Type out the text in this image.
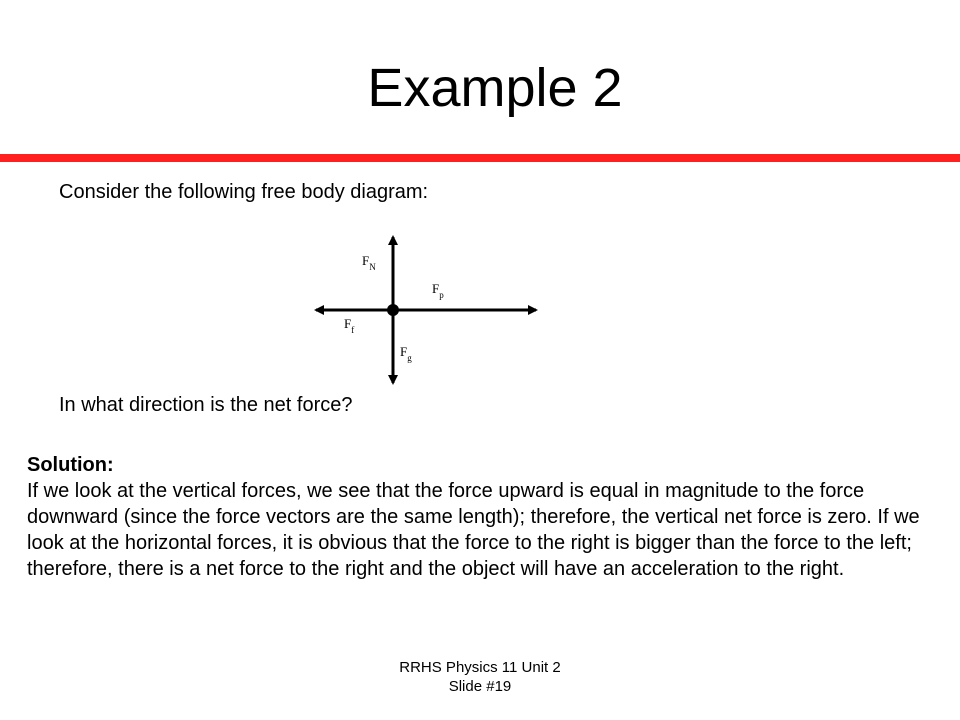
Example 2

Consider the following free body diagram:

$F_N$
$F_p$
$F_f$
$F_g$

In what direction is the net force?

Solution:
If we look at the vertical forces, we see that the force upward is equal in magnitude to the force downward (since the force vectors are the same length); therefore, the vertical net force is zero. If we look at the horizontal forces, it is obvious that the force to the right is bigger than the force to the left; therefore, there is a net force to the right and the object will have an acceleration to the right.

RRHS Physics 11 Unit 2
Slide #19
